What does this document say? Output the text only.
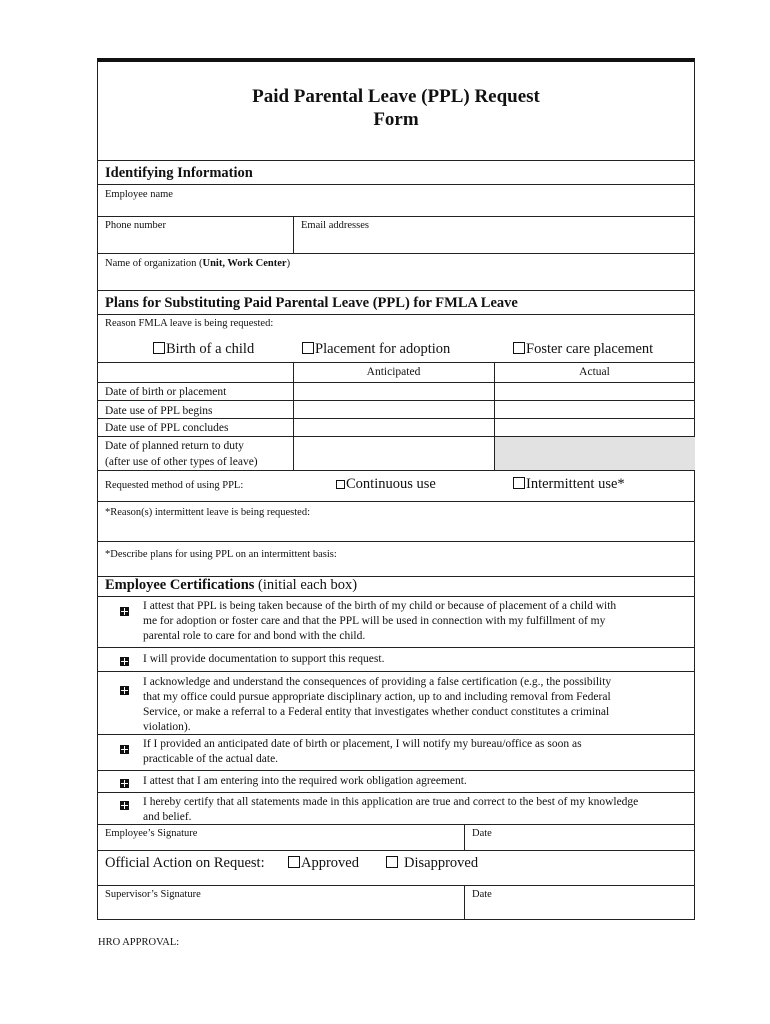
Paid Parental Leave (PPL) Request
Form
Identifying Information
Employee name
Phone number	Email addresses
Name of organization (Unit, Work Center)
Plans for Substituting Paid Parental Leave (PPL) for FMLA Leave
Reason FMLA leave is being requested:
Birth of a child	Placement for adoption	Foster care placement
Anticipated	Actual
Date of birth or placement
Date use of PPL begins
Date use of PPL concludes
Date of planned return to duty
(after use of other types of leave)
Requested method of using PPL:	Continuous use	Intermittent use*
*Reason(s) intermittent leave is being requested:
*Describe plans for using PPL on an intermittent basis:
Employee Certifications (initial each box)
I attest that PPL is being taken because of the birth of my child or because of placement of a child with
me for adoption or foster care and that the PPL will be used in connection with my fulfillment of my
parental role to care for and bond with the child.
I will provide documentation to support this request.
I acknowledge and understand the consequences of providing a false certification (e.g., the possibility
that my office could pursue appropriate disciplinary action, up to and including removal from Federal
Service, or make a referral to a Federal entity that investigates whether conduct constitutes a criminal
violation).
If I provided an anticipated date of birth or placement, I will notify my bureau/office as soon as
practicable of the actual date.
I attest that I am entering into the required work obligation agreement.
I hereby certify that all statements made in this application are true and correct to the best of my knowledge
and belief.
Employee’s Signature	Date
Official Action on Request:	Approved	Disapproved
Supervisor’s Signature	Date
HRO APPROVAL:
